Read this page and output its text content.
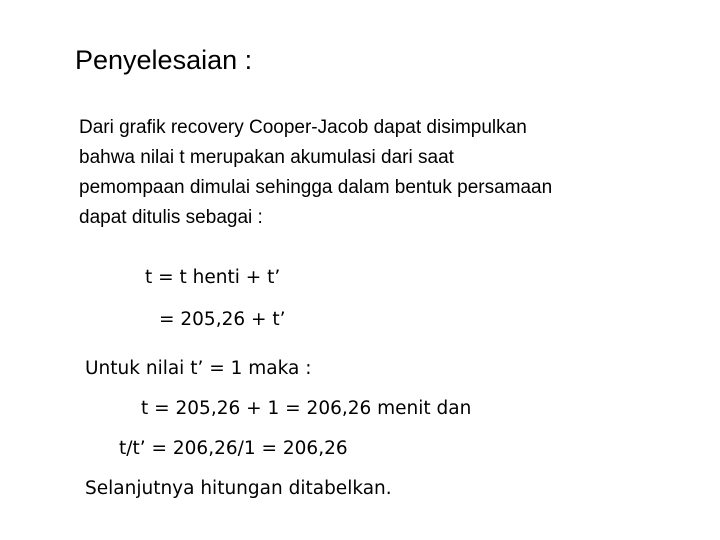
Penyelesaian :
Dari grafik recovery Cooper-Jacob dapat disimpulkan
bahwa nilai t merupakan akumulasi dari saat
pemompaan dimulai sehingga dalam bentuk persamaan
dapat ditulis sebagai :
t = t henti + t’
= 205,26 + t’
Untuk nilai t’ = 1 maka :
t = 205,26 + 1 = 206,26 menit dan
t/t’ = 206,26/1 = 206,26
Selanjutnya hitungan ditabelkan.
